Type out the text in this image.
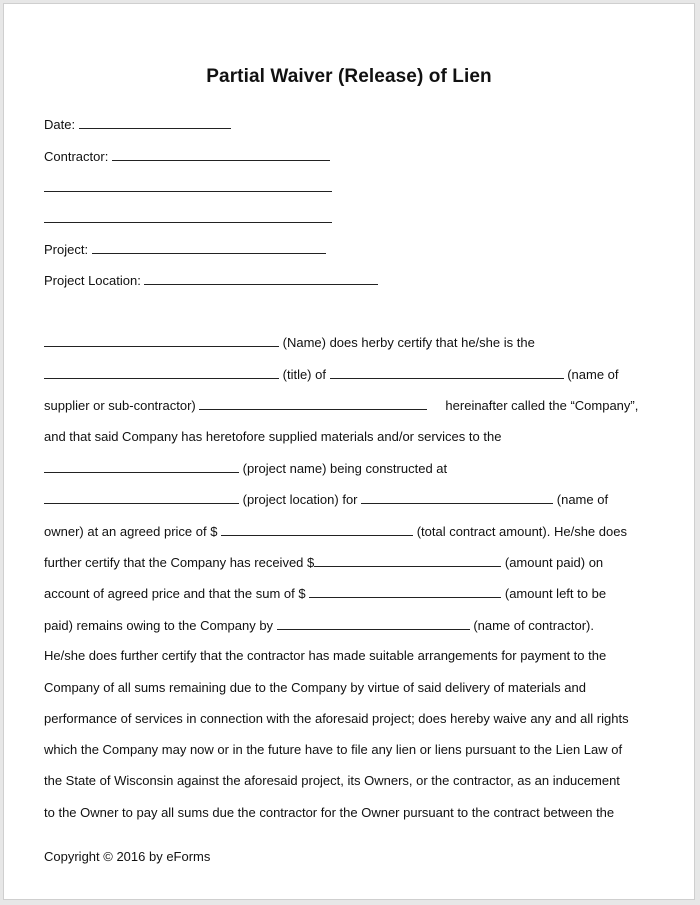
Partial Waiver (Release) of Lien
Date:
Contractor:
Project:
Project Location:
(Name) does herby certify that he/she is the
(title) of	(name of
supplier or sub-contractor)	hereinafter called the “Company”,
and that said Company has heretofore supplied materials and/or services to the
(project name) being constructed at
(project location) for	(name of
owner) at an agreed price of $	(total contract amount). He/she does
further certify that the Company has received $	(amount paid) on
account of agreed price and that the sum of $	(amount left to be
paid) remains owing to the Company by	(name of contractor).
He/she does further certify that the contractor has made suitable arrangements for payment to the
Company of all sums remaining due to the Company by virtue of said delivery of materials and
performance of services in connection with the aforesaid project; does hereby waive any and all rights
which the Company may now or in the future have to file any lien or liens pursuant to the Lien Law of
the State of Wisconsin against the aforesaid project, its Owners, or the contractor, as an inducement
to the Owner to pay all sums due the contractor for the Owner pursuant to the contract between the
Copyright © 2016 by eForms
